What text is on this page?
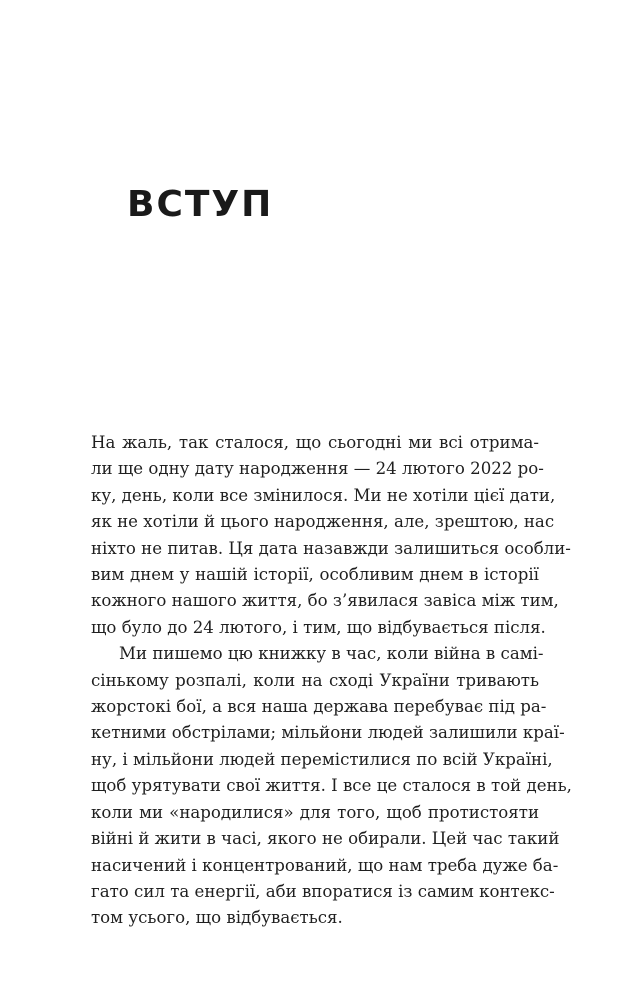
ВСТУП

На жаль, так сталося, що сьогодні ми всі отрима-
ли ще одну дату народження — 24 лютого 2022 ро-
ку, день, коли все змінилося. Ми не хотіли цієї дати,
як не хотіли й цього народження, але, зрештою, нас
ніхто не питав. Ця дата назавжди залишиться особли-
вим днем у нашій історії, особливим днем в історії
кожного нашого життя, бо з’явилася завіса між тим,
що було до 24 лютого, і тим, що відбувається після.

Ми пишемо цю книжку в час, коли війна в самі-
сінькому розпалі, коли на сході України тривають
жорстокі бої, а вся наша держава перебуває під ра-
кетними обстрілами; мільйони людей залишили краї-
ну, і мільйони людей перемістилися по всій Україні,
щоб урятувати свої життя. І все це сталося в той день,
коли ми «народилися» для того, щоб протистояти
війні й жити в часі, якого не обирали. Цей час такий
насичений і концентрований, що нам треба дуже ба-
гато сил та енергії, аби впоратися із самим контекс-
том усього, що відбувається.
